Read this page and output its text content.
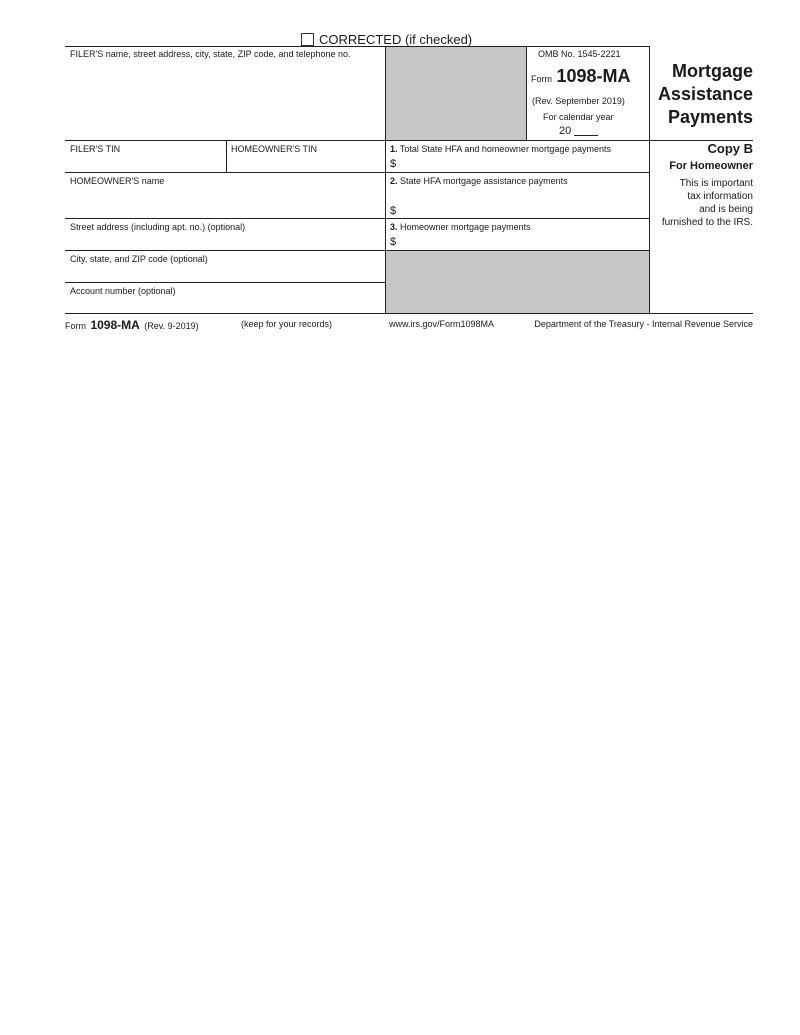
CORRECTED (if checked)
FILER'S name, street address, city, state, ZIP code, and telephone no.	OMB No. 1545-2221
Form 1098-MA
(Rev. September 2019)
For calendar year
20
Mortgage
Assistance
Payments
Copy B
For Homeowner
This is important
tax information
and is being
furnished to the IRS.
FILER'S TIN	HOMEOWNER'S TIN
HOMEOWNER'S name
Street address (including apt. no.) (optional)
City, state, and ZIP code (optional)
Account number (optional)
1. Total State HFA and homeowner mortgage payments
$
2. State HFA mortgage assistance payments
$
3. Homeowner mortgage payments
$
Form 1098-MA (Rev. 9-2019)	(keep for your records)	www.irs.gov/Form1098MA	Department of the Treasury - Internal Revenue Service
